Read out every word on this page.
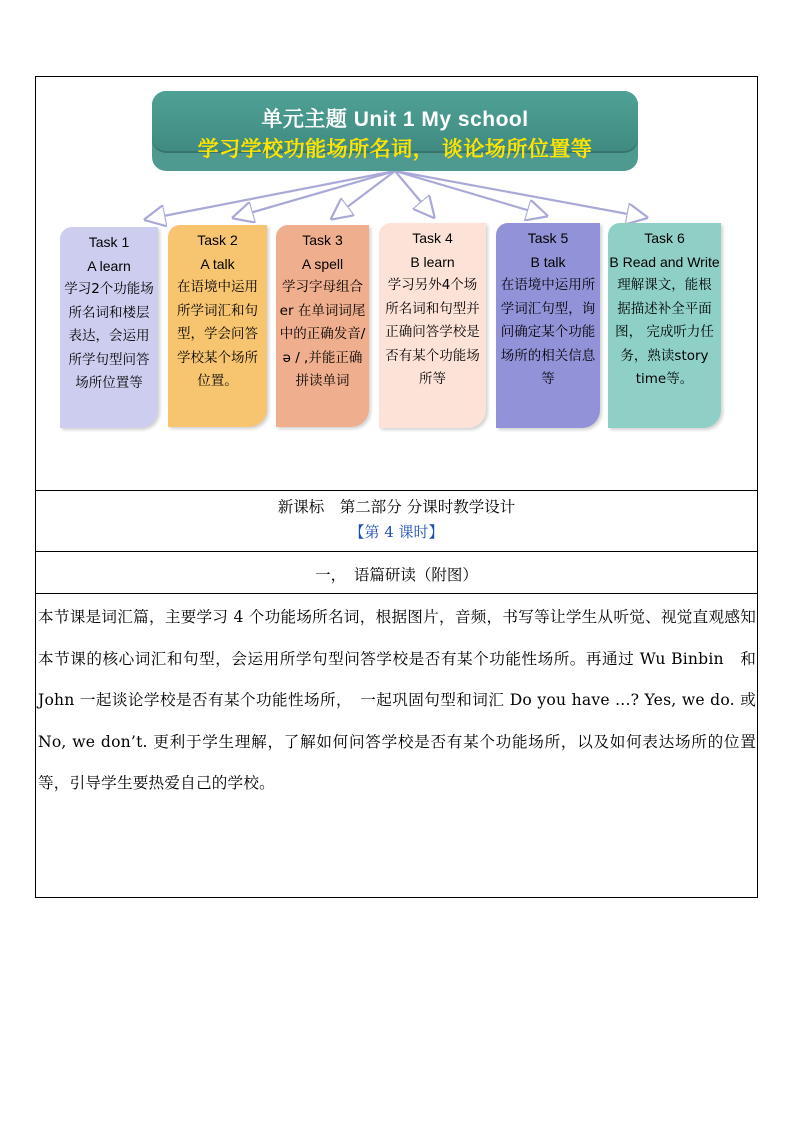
单元主题 Unit 1 My school
学习学校功能场所名词， 谈论场所位置等
Task 1
A learn
学习2个功能场所名词和楼层表达，会运用所学句型问答场所位置等
Task 2
A talk
在语境中运用所学词汇和句型，学会问答学校某个场所位置。
Task 3
A spell
学习字母组合er 在单词词尾中的正确发音/ ə / ,并能正确拼读单词
Task 4
B learn
学习另外4个场所名词和句型并正确问答学校是否有某个功能场所等
Task 5
B talk
在语境中运用所学词汇句型，询问确定某个功能场所的相关信息等
Task 6
B Read and Write
理解课文，能根据描述补全平面图， 完成听力任务，熟读story time等。
新课标　第二部分 分课时教学设计
【第 4 课时】
一，　语篇研读（附图）
本节课是词汇篇，主要学习 4 个功能场所名词，根据图片，音频，书写等让学生从听觉、视觉直观感知本节课的核心词汇和句型，会运用所学句型问答学校是否有某个功能性场所。再通过 Wu Binbin　和 John 一起谈论学校是否有某个功能性场所，　一起巩固句型和词汇 Do you have ...? Yes, we do. 或 No, we don’t. 更利于学生理解，了解如何问答学校是否有某个功能场所，以及如何表达场所的位置等，引导学生要热爱自己的学校。
